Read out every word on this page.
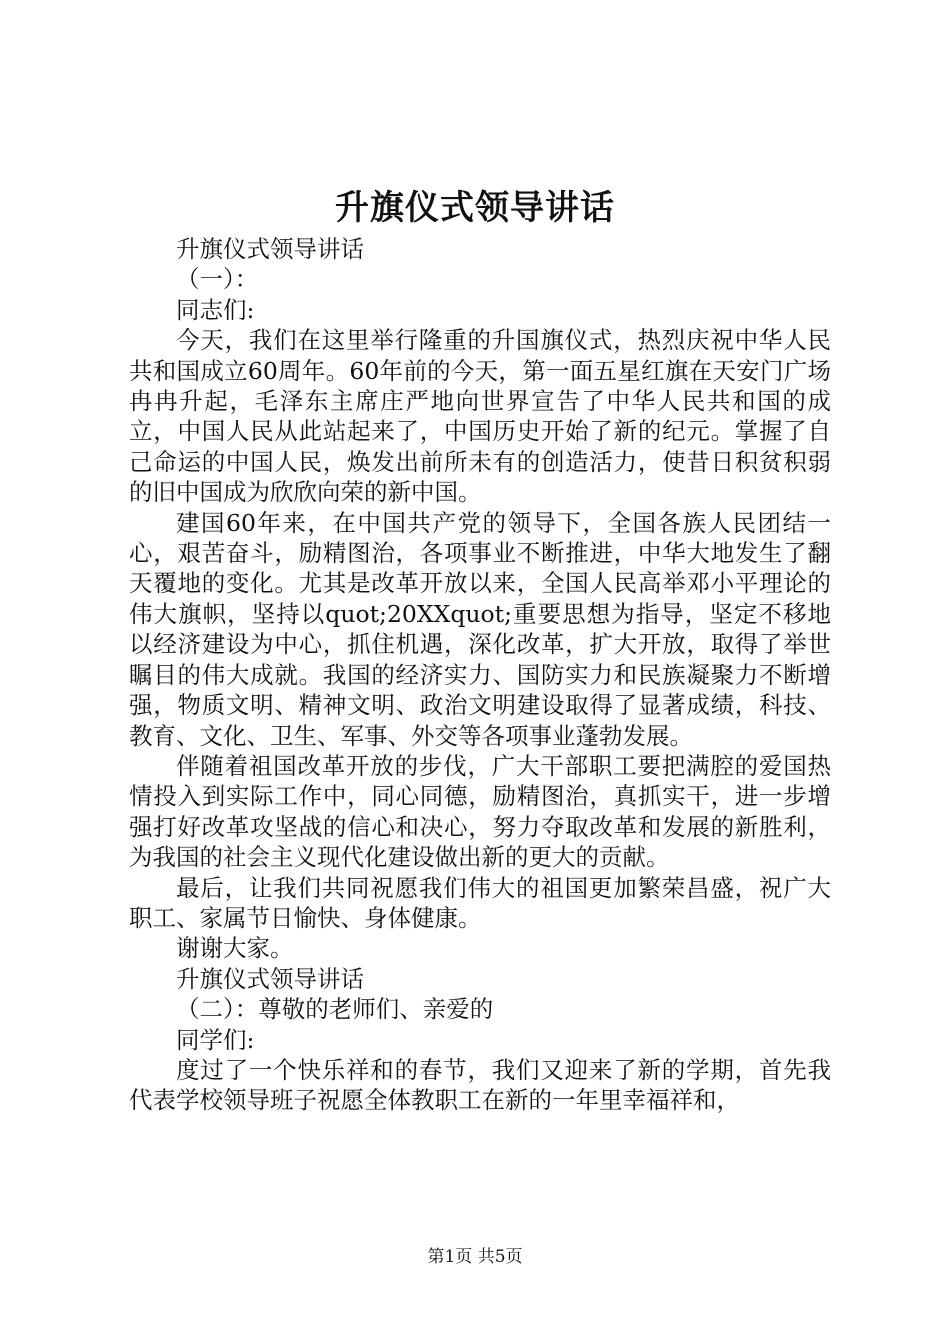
升旗仪式领导讲话

升旗仪式领导讲话

（一）：

同志们:

今天，我们在这里举行隆重的升国旗仪式，热烈庆祝中华人民共和国成立60周年。60年前的今天，第一面五星红旗在天安门广场冉冉升起，毛泽东主席庄严地向世界宣告了中华人民共和国的成立，中国人民从此站起来了，中国历史开始了新的纪元。掌握了自己命运的中国人民，焕发出前所未有的创造活力，使昔日积贫积弱的旧中国成为欣欣向荣的新中国。

建国60年来，在中国共产党的领导下，全国各族人民团结一心，艰苦奋斗，励精图治，各项事业不断推进，中华大地发生了翻天覆地的变化。尤其是改革开放以来，全国人民高举邓小平理论的伟大旗帜，坚持以quot;20XXquot;重要思想为指导，坚定不移地以经济建设为中心，抓住机遇，深化改革，扩大开放，取得了举世瞩目的伟大成就。我国的经济实力、国防实力和民族凝聚力不断增强，物质文明、精神文明、政治文明建设取得了显著成绩，科技、教育、文化、卫生、军事、外交等各项事业蓬勃发展。

伴随着祖国改革开放的步伐，广大干部职工要把满腔的爱国热情投入到实际工作中，同心同德，励精图治，真抓实干，进一步增强打好改革攻坚战的信心和决心，努力夺取改革和发展的新胜利，为我国的社会主义现代化建设做出新的更大的贡献。

最后，让我们共同祝愿我们伟大的祖国更加繁荣昌盛，祝广大职工、家属节日愉快、身体健康。

谢谢大家。

升旗仪式领导讲话

（二）：尊敬的老师们、亲爱的

同学们:

度过了一个快乐祥和的春节，我们又迎来了新的学期，首先我代表学校领导班子祝愿全体教职工在新的一年里幸福祥和，

第1页 共5页
